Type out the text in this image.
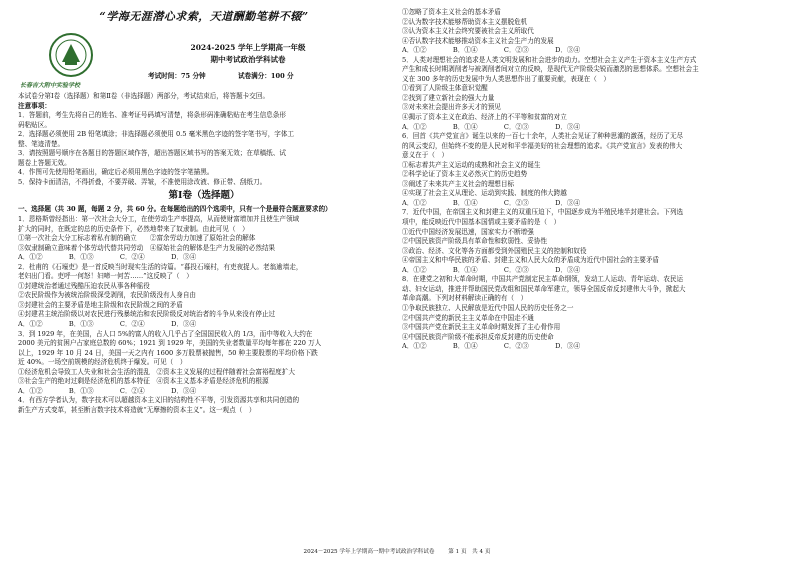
“学海无涯潜心求索，天道酬勤笔耕不辍”
长春吉大附中实验学校
2024-2025 学年上学期高一年级
期中考试政治学科试卷
考试时间：75 分钟	试卷满分：100 分
本试卷分第Ⅰ卷（选择题）和第Ⅱ卷（非选择题）两部分，考试结束后，将答题卡交回。
注意事项：
1．答题前，考生先将自己的姓名、准考证号码填写清楚，将条形码准确粘贴在考生信息条形
码粘贴区。
2．选择题必须使用 2B 铅笔填涂；非选择题必须使用 0.5 毫米黑色字迹的签字笔书写，字体工
整、笔迹清楚。
3．请按照题号顺序在各题目的答题区域作答，超出答题区域书写的答案无效；在草稿纸、试
题卷上答题无效。
4．作图可先使用铅笔画出，确定后必须用黑色字迹的签字笔描黑。
5．保持卡面清洁，不得折叠，不要弄破、弄皱，不准使用涂改液、修正带、刮纸刀。
第Ⅰ卷（选择题）
一、选择题（共 30 题，每题 2 分，共 60 分。在每题给出的四个选项中，只有一个是最符合题意要求的）
1．恩格斯曾经指出：第一次社会大分工，在使劳动生产率提高，从而使财富增加并且使生产领域
扩大的同时，在既定的总的历史条件下，必然地带来了奴隶制。由此可见（　）
①第一次社会大分工标志着私有制的确立　　②富余劳动力加速了原始社会的解体
③奴隶制确立意味着个体劳动代替共同劳动　④原始社会的解体是生产力发展的必然结果
A．①②　　　　B．①③　　　　C．②④　　　　D．③④
2．杜甫的《石壕吏》是一首反映当时现实生活的诗篇。“暮投石壕村，有吏夜捉人。老翁逾墙走，
老妇出门看。吏呼一何怒！妇啼一何苦……”这反映了（　）
①封建统治者通过残酷压迫农民从事各种徭役
②农民阶级作为被统治阶级深受剥削，农民阶级没有人身自由
③封建社会的主要矛盾是地主阶级和农民阶级之间的矛盾
④封建君主统治阶级以对农民进行残暴统治和农民阶级反对统治者的斗争从来没有停止过
A．①②　　　　B．①③　　　　C．②④　　　　D．③④
3．到 1929 年，在美国，占人口 5%的富人的收入几乎占了全国国民收入的 1/3，而中等收入大约在
2000 美元的贫困户占家庭总数的 60%；1921 到 1929 年，美国的失业者数量平均每年都在 220 万人
以上，1929 年 10 月 24 日，美国一天之内有 1600 多万股票被抛售，50 种主要股票的平均价格下跌
近 40%。一场空前规模的经济危机终于爆发。可见（　）
①经济危机会导致工人失业和社会生活的混乱　②资本主义发展的过程伴随着社会富裕程度扩大
③社会生产的绝对过剩是经济危机的基本特征　④资本主义基本矛盾是经济危机的根源
A．①②　　　　B．①③　　　　C．②④　　　　D．③④
4．有西方学者认为，数字技术可以超越资本主义旧的结构性不平等，引发资源共享和共同创造的
新生产方式变革，甚至断言数字技术将造就“无摩擦的资本主义”。这一观点（　）
①忽略了资本主义社会的基本矛盾
②认为数字技术能够帮助资本主义摆脱危机
③认为资本主义社会终究要被社会主义所取代
④否认数字技术能够推动资本主义社会生产力的发展
A．①②　　　　B．①④　　　　C．②③　　　　D．③④
5．人类对理想社会的追求是人类文明发展和社会进步的动力。空想社会主义产生于资本主义生产方式
产生和成长时期剥削者与被剥削者间对立的反映，是现代无产阶级尖锐而激烈的思想体系。空想社会主
义在 300 多年的历史发展中为人类思想作出了重要贡献，表现在（　）
①看到了人阶级主体意识觉醒
②找到了建立新社会的强大力量
③对未来社会提出许多天才的预见
④揭示了资本主义在政治、经济上的不平等和贫富的对立
A．①②　　　　B．①④　　　　C．②③　　　　D．③④
6．回首《共产党宣言》诞生以来的一百七十余年，人类社会见证了种种思潮的激荡，经历了无尽
的风云变幻，但始终不变的是人民对和平幸福美好的社会理想的追求。《共产党宣言》发表的伟大
意义在于（　）
①标志着共产主义运动的成熟和社会主义的诞生
②科学论证了资本主义必然灭亡的历史趋势
③阐述了未来共产主义社会的理想目标
④实现了社会主义从理论、运动到实践、制度的伟大跨越
A．①②　　　　B．①④　　　　C．②③　　　　D．③④
7．近代中国，在帝国主义和封建主义的双重压迫下，中国逐步成为半殖民地半封建社会。下列选
项中，能反映近代中国基本国情或主要矛盾的是（　）
①近代中国经济发展迅速，国家实力不断增强
②中国民族资产阶级具有革命性和软弱性、妥协性
③政治、经济、文化等各方面都受到外国殖民主义的控制和奴役
④帝国主义和中华民族的矛盾、封建主义和人民大众的矛盾成为近代中国社会的主要矛盾
A．①②　　　　B．①④　　　　C．②③　　　　D．③④
8．在建党之初和大革命时期，中国共产党制定民主革命纲领，发动工人运动、青年运动、农民运
动、妇女运动，推进并帮助国民党改组和国民革命军建立，领导全国反帝反封建伟大斗争，掀起大
革命高潮。下列对材料解读正确的有（　）
①争取民族独立、人民解放是近代中国人民的历史任务之一
②中国共产党的新民主主义革命在中国走不通
③中国共产党在新民主主义革命时期发挥了主心骨作用
④中国民族资产阶级不能承担反帝反封建的历史使命
A．①②　　　　B．①④　　　　C．②③　　　　D．③④
2024－2025 学年上学期高一期中考试政治学科试卷 第 1 页　共 4 页
